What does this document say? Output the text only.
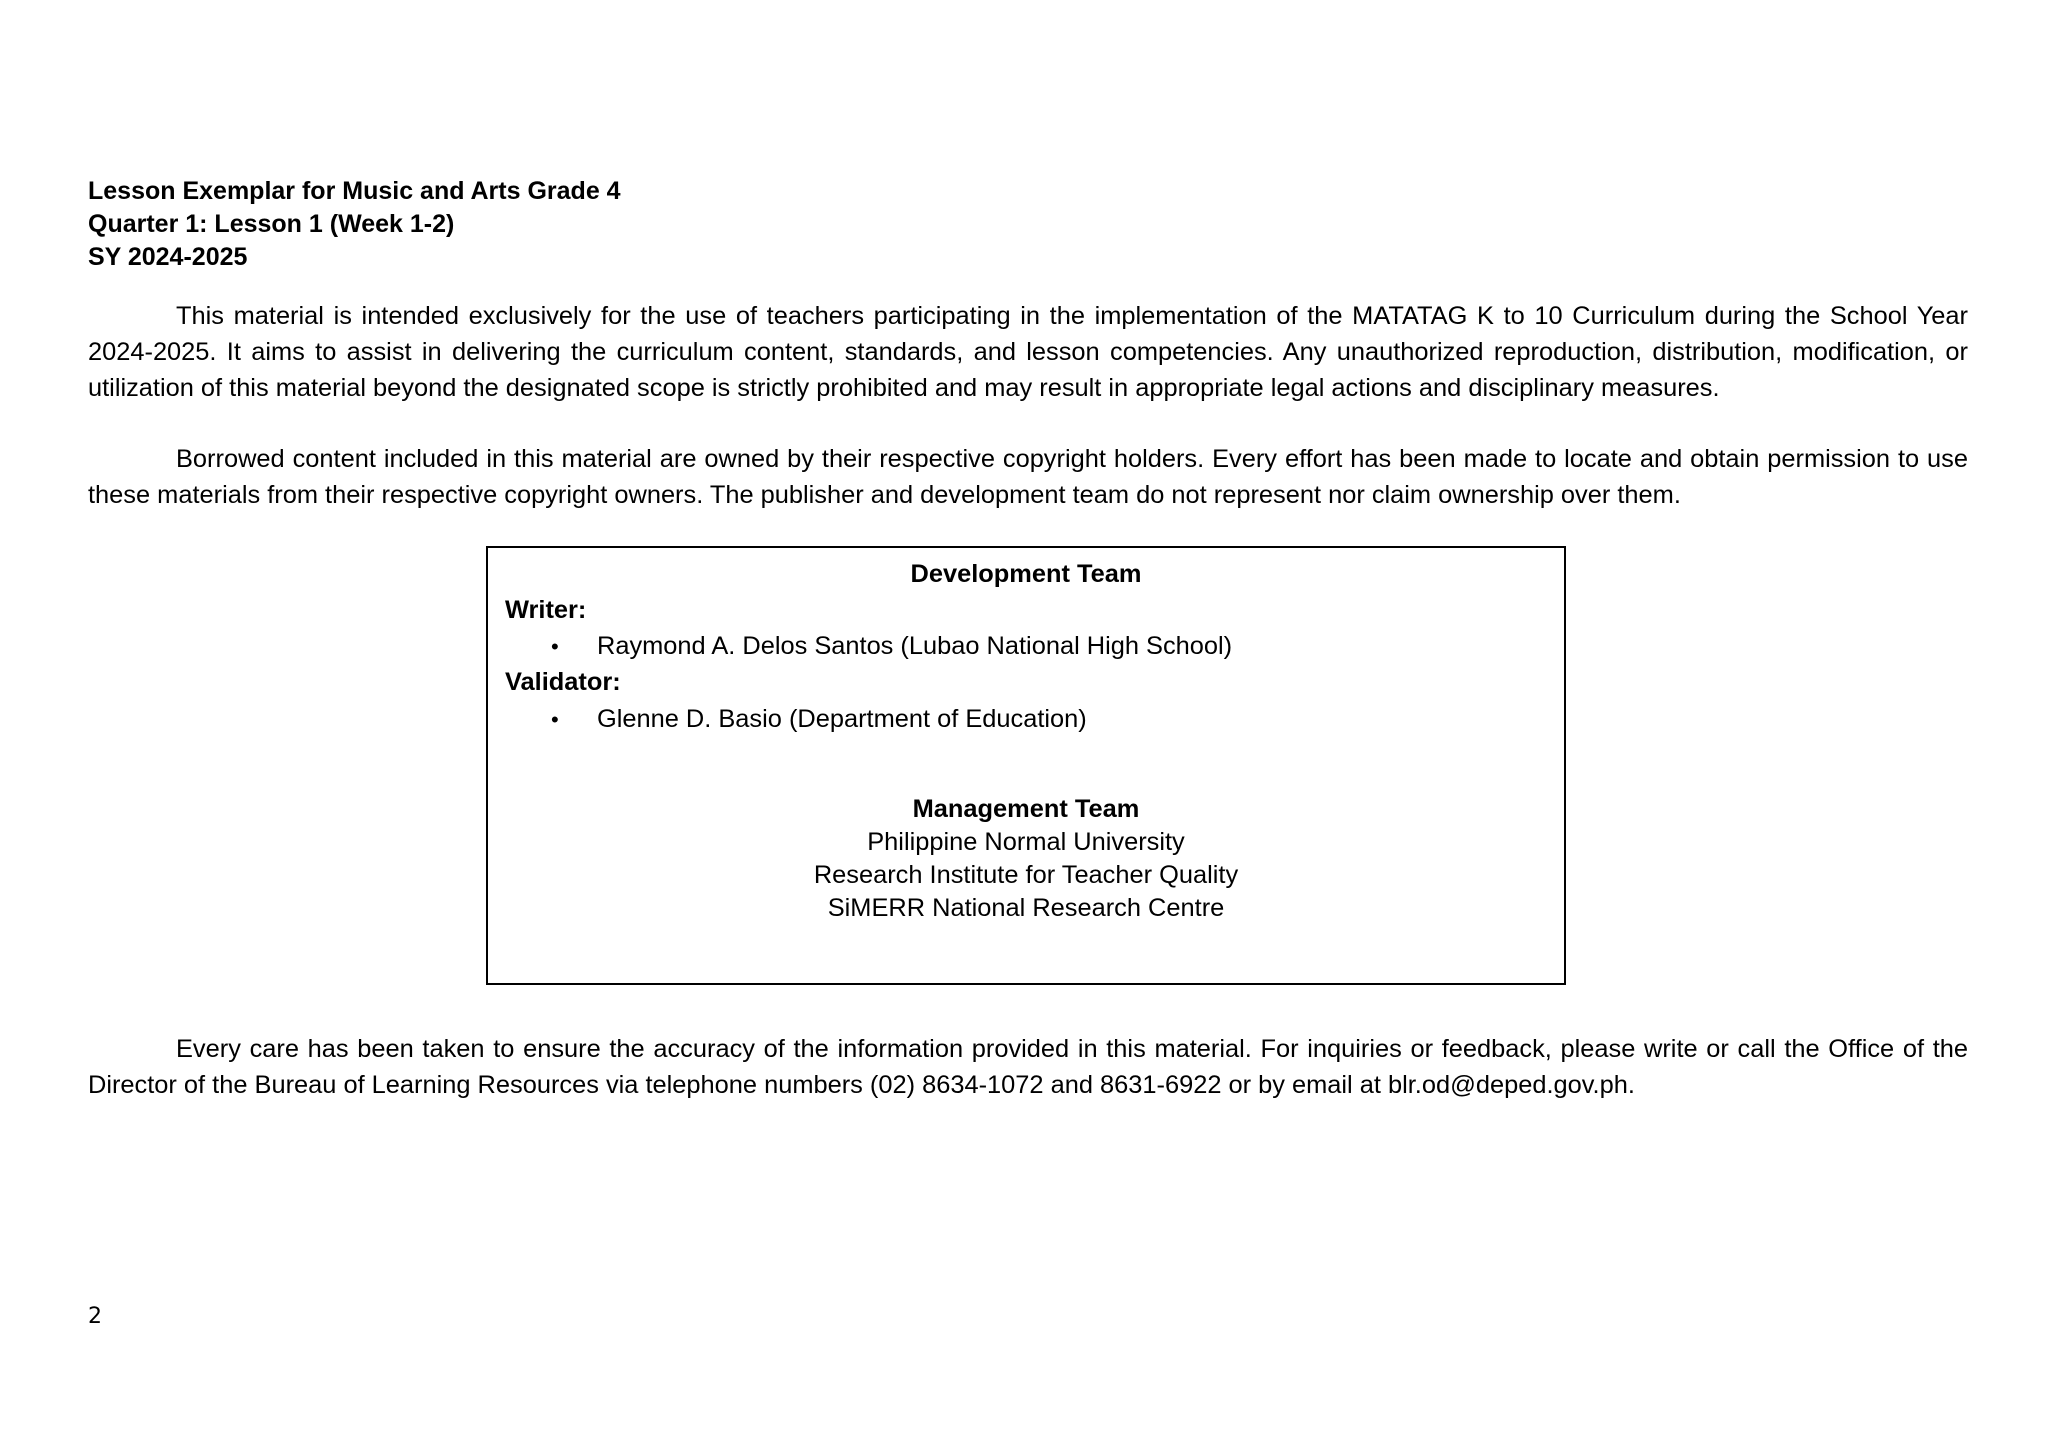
Lesson Exemplar for Music and Arts Grade 4
Quarter 1: Lesson 1 (Week 1-2)
SY 2024-2025

This material is intended exclusively for the use of teachers participating in the implementation of the MATATAG K to 10 Curriculum during the School Year 2024-2025. It aims to assist in delivering the curriculum content, standards, and lesson competencies. Any unauthorized reproduction, distribution, modification, or utilization of this material beyond the designated scope is strictly prohibited and may result in appropriate legal actions and disciplinary measures.

Borrowed content included in this material are owned by their respective copyright holders. Every effort has been made to locate and obtain permission to use these materials from their respective copyright owners. The publisher and development team do not represent nor claim ownership over them.

Development Team
Writer:
• Raymond A. Delos Santos (Lubao National High School)
Validator:
• Glenne D. Basio (Department of Education)
Management Team
Philippine Normal University
Research Institute for Teacher Quality
SiMERR National Research Centre

Every care has been taken to ensure the accuracy of the information provided in this material. For inquiries or feedback, please write or call the Office of the Director of the Bureau of Learning Resources via telephone numbers (02) 8634-1072 and 8631-6922 or by email at blr.od@deped.gov.ph.

2
